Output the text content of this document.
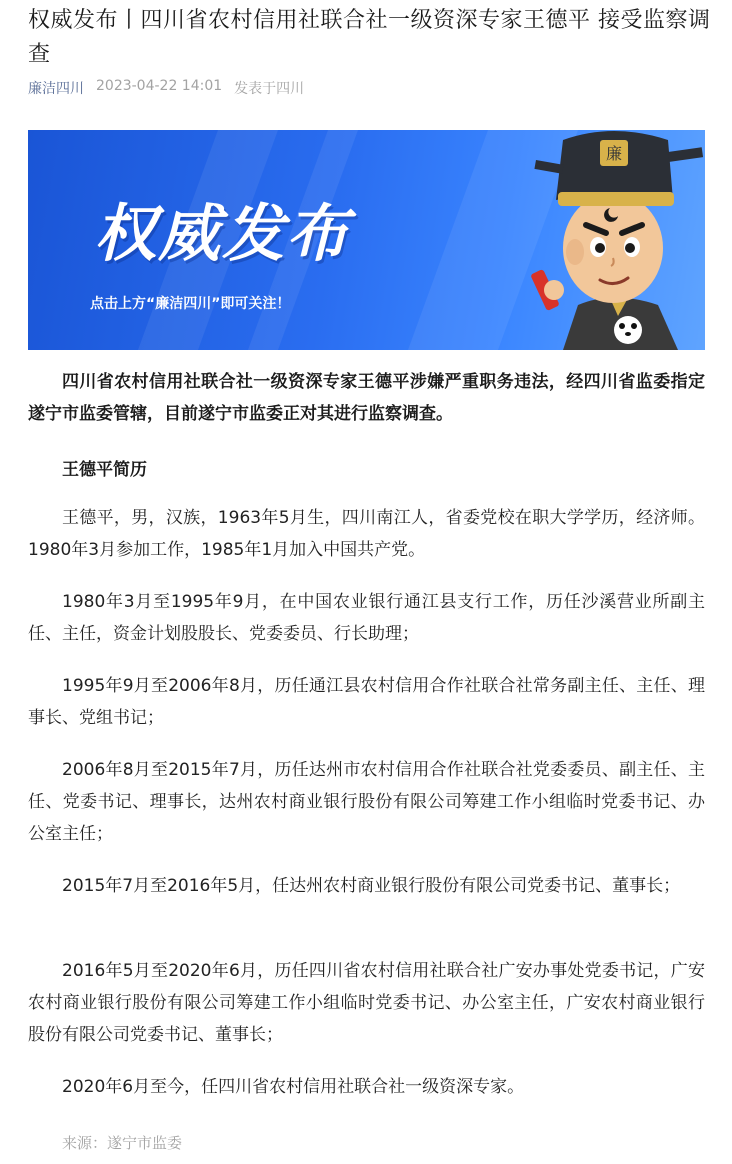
权威发布丨四川省农村信用社联合社一级资深专家王德平 接受监察调查
廉洁四川 2023-04-22 14:01 发表于四川
权威发布
点击上方“廉洁四川”即可关注！
廉
四川省农村信用社联合社一级资深专家王德平涉嫌严重职务违法，经四川省监委指定遂宁市监委管辖，目前遂宁市监委正对其进行监察调查。
王德平简历
王德平，男，汉族，1963年5月生，四川南江人，省委党校在职大学学历，经济师。1980年3月参加工作，1985年1月加入中国共产党。
1980年3月至1995年9月，在中国农业银行通江县支行工作，历任沙溪营业所副主任、主任，资金计划股股长、党委委员、行长助理；
1995年9月至2006年8月，历任通江县农村信用合作社联合社常务副主任、主任、理事长、党组书记；
2006年8月至2015年7月，历任达州市农村信用合作社联合社党委委员、副主任、主任、党委书记、理事长，达州农村商业银行股份有限公司筹建工作小组临时党委书记、办公室主任；
2015年7月至2016年5月，任达州农村商业银行股份有限公司党委书记、董事长；
2016年5月至2020年6月，历任四川省农村信用社联合社广安办事处党委书记，广安农村商业银行股份有限公司筹建工作小组临时党委书记、办公室主任，广安农村商业银行股份有限公司党委书记、董事长；
2020年6月至今，任四川省农村信用社联合社一级资深专家。
来源：遂宁市监委
